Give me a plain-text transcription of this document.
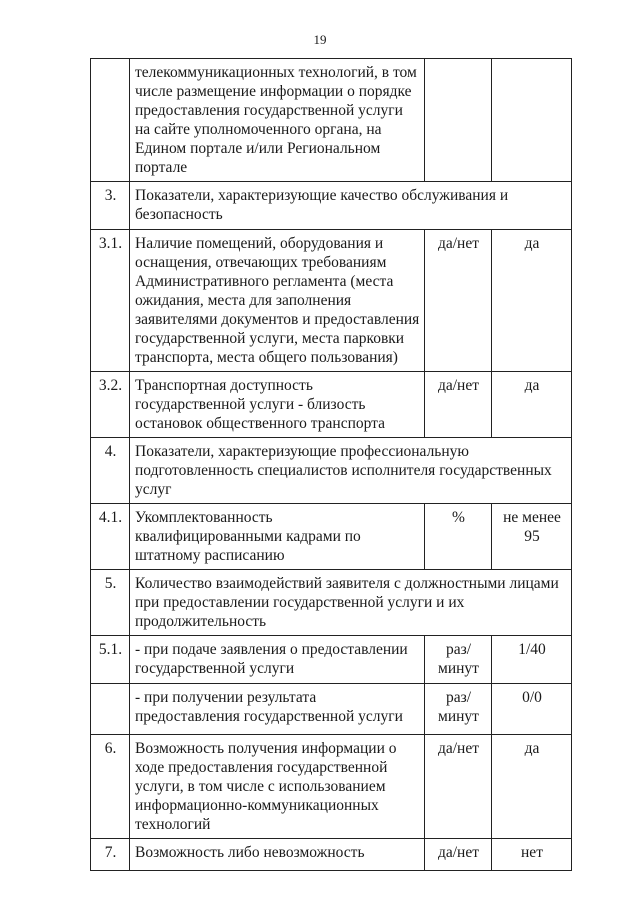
19
	телекоммуникационных технологий, в том числе размещение информации о порядке предоставления государственной услуги на сайте уполномоченного органа, на Едином портале и/или Региональном портале		
3.	Показатели, характеризующие качество обслуживания и безопасность		
3.1.	Наличие помещений, оборудования и оснащения, отвечающих требованиям Административного регламента (места ожидания, места для заполнения заявителями документов и предоставления государственной услуги, места парковки транспорта, места общего пользования)	да/нет	да
3.2.	Транспортная доступность государственной услуги - близость остановок общественного транспорта	да/нет	да
4.	Показатели, характеризующие профессиональную подготовленность специалистов исполнителя государственных услуг		
4.1.	Укомплектованность квалифицированными кадрами по штатному расписанию	%	не менее 95
5.	Количество взаимодействий заявителя с должностными лицами при предоставлении государственной услуги и их продолжительность		
5.1.	- при подаче заявления о предоставлении государственной услуги	раз/минут	1/40
	- при получении результата предоставления государственной услуги	раз/минут	0/0
6.	Возможность получения информации о ходе предоставления государственной услуги, в том числе с использованием информационно-коммуникационных технологий	да/нет	да
7.	Возможность либо невозможность	да/нет	нет
